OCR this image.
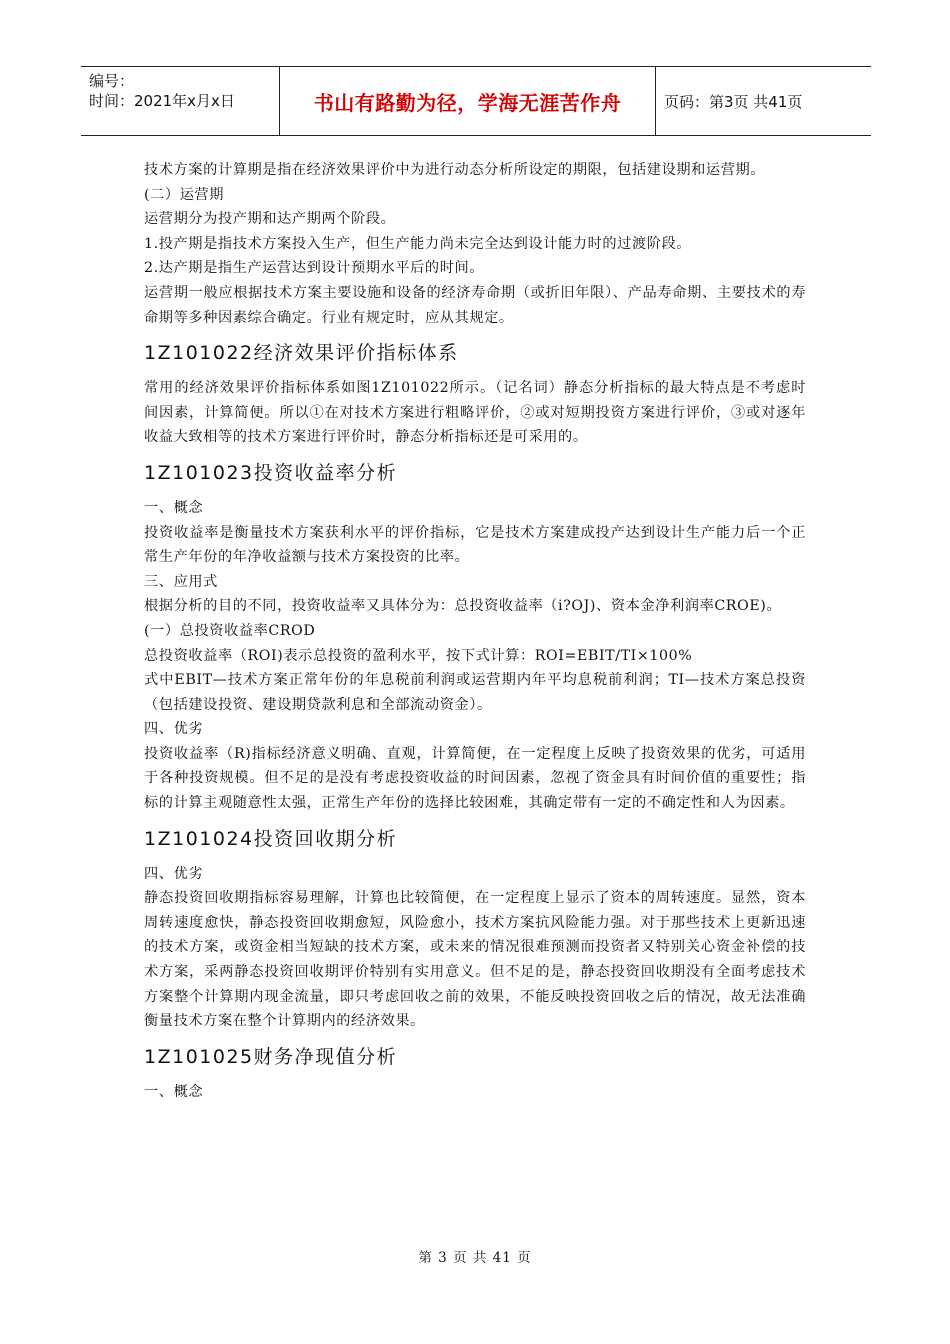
编号：
时间：2021年x月x日	书山有路勤为径，学海无涯苦作舟	页码：第3页 共41页

技术方案的计算期是指在经济效果评价中为进行动态分析所设定的期限，包括建设期和运营期。

(二）运营期

运营期分为投产期和达产期两个阶段。

1.投产期是指技术方案投入生产，但生产能力尚未完全达到设计能力时的过渡阶段。

2.达产期是指生产运营达到设计预期水平后的时间。

运营期一般应根据技术方案主要设施和设备的经济寿命期（或折旧年限）、产品寿命期、主要技术的寿命期等多种因素综合确定。行业有规定时，应从其规定。

1Z101022经济效果评价指标体系

常用的经济效果评价指标体系如图1Z101022所示。（记名词）静态分析指标的最大特点是不考虑时间因素，计算简便。所以①在对技术方案进行粗略评价，②或对短期投资方案进行评价，③或对逐年收益大致相等的技术方案进行评价时，静态分析指标还是可采用的。

1Z101023投资收益率分析

一、概念

投资收益率是衡量技术方案获利水平的评价指标，它是技术方案建成投产达到设计生产能力后一个正常生产年份的年净收益额与技术方案投资的比率。

三、应用式

根据分析的目的不同，投资收益率又具体分为：总投资收益率（i?OJ)、资本金净利润率CROE)。

(一）总投资收益率CROD

总投资收益率（ROI)表示总投资的盈利水平，按下式计算：ROI=EBIT/TI×100%

式中EBIT—技术方案正常年份的年息税前利润或运营期内年平均息税前利润；TI—技术方案总投资（包括建设投资、建设期贷款利息和全部流动资金）。

四、优劣

投资收益率（R)指标经济意义明确、直观，计算简便，在一定程度上反映了投资效果的优劣，可适用于各种投资规模。但不足的是没有考虑投资收益的时间因素，忽视了资金具有时间价值的重要性；指标的计算主观随意性太强，正常生产年份的选择比较困难，其确定带有一定的不确定性和人为因素。

1Z101024投资回收期分析

四、优劣

静态投资回收期指标容易理解，计算也比较简便，在一定程度上显示了资本的周转速度。显然，资本周转速度愈快，静态投资回收期愈短，风险愈小，技术方案抗风险能力强。对于那些技术上更新迅速的技术方案，或资金相当短缺的技术方案，或未来的情况很难预测而投资者又特别关心资金补偿的技术方案，采两静态投资回收期评价特别有实用意义。但不足的是，静态投资回收期没有全面考虑技术方案整个计算期内现金流量，即只考虑回收之前的效果，不能反映投资回收之后的情况，故无法准确衡量技术方案在整个计算期内的经济效果。

1Z101025财务净现值分析

一、概念

第 3 页 共 41 页
